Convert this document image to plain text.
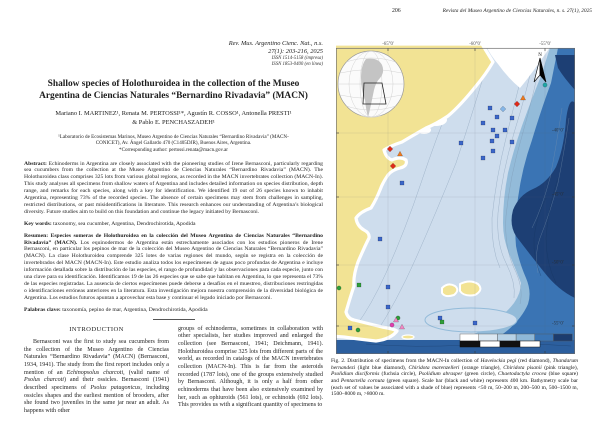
Rev. Mus. Argentino Cienc. Nat., n.s.
27(1): 203-216, 2025
ISSN 1514-5158 (impresa)
ISSN 1853-0400 (en línea)
Shallow species of Holothuroidea in the collection of the Museo Argentina de Ciencias Naturales “Bernardino Rivadavia” (MACN)
Mariano I. MARTINEZ¹, Renata M. PERTOSSI¹*, Agustín R. COSSO¹, Antonella PRESTI¹
& Pablo E. PENCHASZADEH¹
¹Laboratorio de Ecosistemas Marinos, Museo Argentino de Ciencias Naturales “Bernardino Rivadavia” (MACN-
CONICET), Av. Ángel Gallardo 470 (C1405DJR), Buenos Aires, Argentina.
*Corresponding author: pertossi.renata@macn.gov.ar
Abstract: Echinoderms in Argentina are closely associated with the pioneering studies of Irene Bernasconi, particularly regarding sea cucumbers from the collection at the Museo Argentino de Ciencias Naturales “Bernardino Rivadavia” (MACN). The Holothuroidea class comprises 325 lots from various global regions, as recorded in the MACN invertebrates collection (MACN-In). This study analyses all specimens from shallow waters of Argentina and includes detailed information on species distribution, depth range, and remarks for each species, along with a key for identification. We identified 19 out of 26 species known to inhabit Argentina, representing 73% of the recorded species. The absence of certain specimens may stem from challenges in sampling, restricted distributions, or past misidentifications in literature. This research enhances our understanding of Argentina’s biological diversity. Future studies aim to build on this foundation and continue the legacy initiated by Bernasconi.
Key words: taxonomy, sea cucumber, Argentina, Dendrochirotida, Apodida
Resumen: Especies someras de Holothuroidea en la colección del Museo Argentina de Ciencias Naturales “Bernardino Rivadavia” (MACN). Los equinodermos de Argentina están estrechamente asociados con los estudios pioneros de Irene Bernasconi, en particular los pepinos de mar de la colección del Museo Argentino de Ciencias Naturales “Bernardino Rivadavia” (MACN). La clase Holothuroidea comprende 325 lotes de varias regiones del mundo, según se registra en la colección de invertebrados del MACN (MACN-In). Este estudio analiza todos los especímenes de aguas poco profundas de Argentina e incluye información detallada sobre la distribución de las especies, el rango de profundidad y las observaciones para cada especie, junto con una clave para su identificación. Identificamos 19 de las 26 especies que se sabe que habitan en Argentina, lo que representa el 73% de las especies registradas. La ausencia de ciertos especímenes puede deberse a desafíos en el muestreo, distribuciones restringidas o identificaciones erróneas anteriores en la literatura. Esta investigación mejora nuestra comprensión de la diversidad biológica de Argentina. Los estudios futuros apuntan a aprovechar esta base y continuar el legado iniciado por Bernasconi.
Palabras clave: taxonomía, pepino de mar, Argentina, Dendrochirotida, Apodida
INTRODUCTION
Bernasconi was the first to study sea cucumbers from the collection of the Museo Argentino de Ciencias Naturales “Bernardino Rivadavia” (MACN) (Bernasconi, 1934, 1941). The study from the first report includes only a mention of an Echinopsolus charcoti, (valid name of Psolus charcoti) and their ossicles. Bernasconi (1941) described specimens of Psolus patagonicus, including ossicles shapes and the earliest mention of brooders, after she found two juveniles in the same jar near an adult. As happens with other
groups of echinoderms, sometimes in collaboration with other specialists, her studies improved and enlarged the collection (see Bernasconi, 1941; Deichmann, 1941). Holothuroidea comprise 325 lots from different parts of the world, as recorded in catalogs of the MACN invertebrates collection (MACN-In). This is far from the asteroids recorded (1787 lots), one of the groups extensively studied by Bernasconi. Although, it is only a half from other echinoderms that have been also extensively examined by her, such as ophiuroids (561 lots), or echinoids (692 lots). This provides us with a significant quantity of specimens to
206	Revista del Museo Argentino de Ciencias Naturales, n. s. 27(1), 2025
-65°0'	-60°0'	-55°0'
-40°0'
-45°0'
-50°0'
-55°0'
N
Fig. 2. Distribution of specimens from the MACN-In collection of Havelockia pegi (red diamond), Thandarum hernandezi (light blue diamond), Chiridota marenzelleri (orange triangle), Chiridota pisanii (pink triangle), Psolidium disciformis (fuchsia circle), Psolidium abrasper (green circle), Chaetodactyla crocea (blue square) and Pentactella cornuta (green square). Scale bar (black and white) represents 400 km. Bathymetry scale bar (each set of values be associated with a shade of blue) represents <50 m, 50–200 m, 200–500 m, 500–1500 m, 1500–8000 m, >8000 m.
